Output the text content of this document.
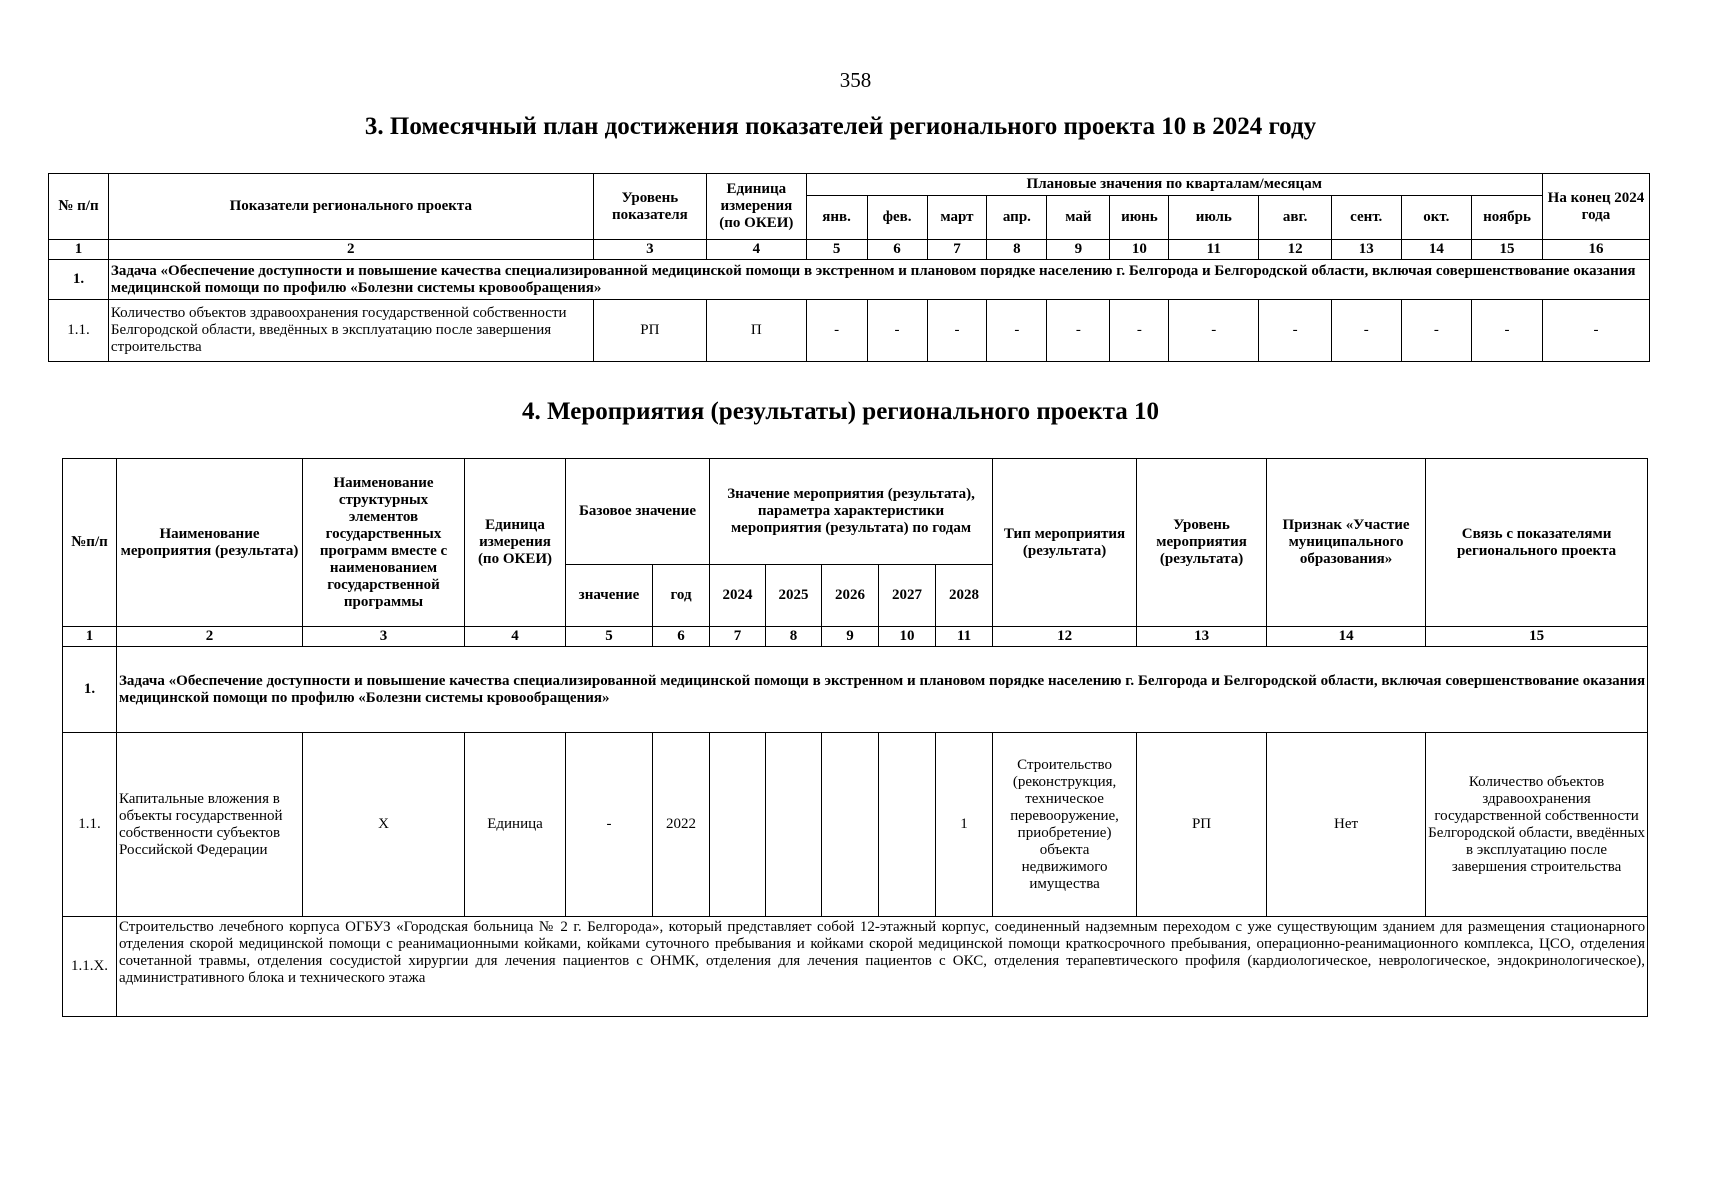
358
3. Помесячный план достижения показателей регионального проекта 10 в 2024 году
№ п/п	Показатели регионального проекта	Уровень показателя	Единица измерения (по ОКЕИ)	Плановые значения по кварталам/месяцам											На конец 2024 года
				янв.	фев.	март	апр.	май	июнь	июль	авг.	сент.	окт.	ноябрь	
1	2	3	4	5	6	7	8	9	10	11	12	13	14	15	16
1.	Задача «Обеспечение доступности и повышение качества специализированной медицинской помощи в экстренном и плановом порядке населению г. Белгорода и Белгородской области, включая совершенствование оказания медицинской помощи по профилю «Болезни системы кровообращения»														
1.1.	Количество объектов здравоохранения государственной собственности Белгородской области, введённых в эксплуатацию после завершения строительства	РП	П	-	-	-	-	-	-	-	-	-	-	-	-
4. Мероприятия (результаты) регионального проекта 10
№п/п	Наименование мероприятия (результата)	Наименование структурных элементов государственных программ вместе с наименованием государственной программы	Единица измерения (по ОКЕИ)	Базовое значение		Значение мероприятия (результата), параметра характеристики мероприятия (результата) по годам					Тип мероприятия (результата)	Уровень мероприятия (результата)	Признак «Участие муниципального образования»	Связь с показателями регионального проекта
				значение	год	2024	2025	2026	2027	2028				
1	2	3	4	5	6	7	8	9	10	11	12	13	14	15
1.	Задача «Обеспечение доступности и повышение качества специализированной медицинской помощи в экстренном и плановом порядке населению г. Белгорода и Белгородской области, включая совершенствование оказания медицинской помощи по профилю «Болезни системы кровообращения»													
1.1.	Капитальные вложения в объекты государственной собственности субъектов Российской Федерации	Х	Единица	-	2022					1	Строительство (реконструкция, техническое перевооружение, приобретение) объекта недвижимого имущества	РП	Нет	Количество объектов здравоохранения государственной собственности Белгородской области, введённых в эксплуатацию после завершения строительства
1.1.Х.	Строительство лечебного корпуса ОГБУЗ «Городская больница № 2 г. Белгорода», который представляет собой 12-этажный корпус, соединенный надземным переходом с уже существующим зданием для размещения стационарного отделения скорой медицинской помощи с реанимационными койками, койками суточного пребывания и койками скорой медицинской помощи краткосрочного пребывания, операционно-реанимационного комплекса, ЦСО, отделения сочетанной травмы, отделения сосудистой хирургии для лечения пациентов с ОНМК, отделения для лечения пациентов с ОКС, отделения терапевтического профиля (кардиологическое, неврологическое, эндокринологическое), административного блока и технического этажа													
